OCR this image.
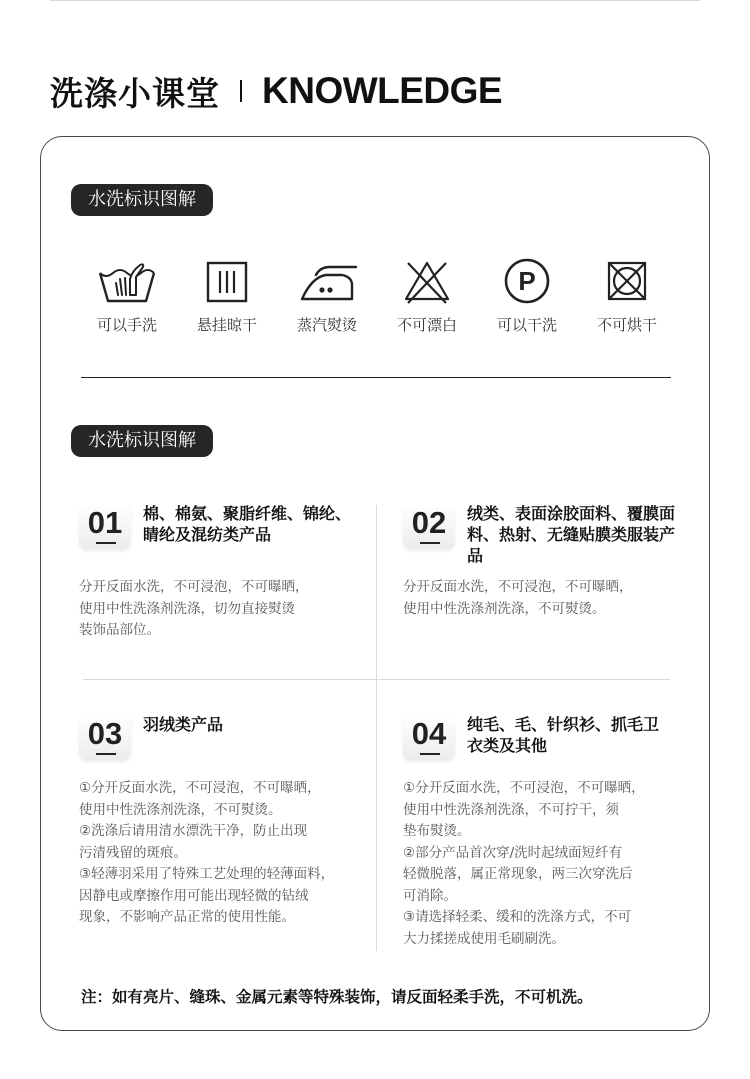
洗涤小课堂 KNOWLEDGE
水洗标识图解
可以手洗	悬挂晾干	蒸汽熨烫	不可漂白
P
可以干洗	不可烘干
水洗标识图解
01	棉、棉氨、聚脂纤维、锦纶、睛纶及混纺类产品
分开反面水洗，不可浸泡，不可曝晒，
使用中性洗涤剂洗涤，切勿直接熨烫
装饰品部位。
02	绒类、表面涂胶面料、覆膜面料、热射、无缝贴膜类服装产品
分开反面水洗，不可浸泡，不可曝晒，
使用中性洗涤剂洗涤，不可熨烫。
03	羽绒类产品
①分开反面水洗，不可浸泡，不可曝晒，
使用中性洗涤剂洗涤，不可熨烫。
②洗涤后请用清水漂洗干净，防止出现
污清残留的斑痕。
③轻薄羽采用了特殊工艺处理的轻薄面料，
因静电或摩擦作用可能出现轻微的钻绒
现象，不影响产品正常的使用性能。
04	纯毛、毛、针织衫、抓毛卫衣类及其他
①分开反面水洗，不可浸泡，不可曝晒，
使用中性洗涤剂洗涤，不可拧干，须
垫布熨烫。
②部分产品首次穿/洗时起绒面短纤有
轻微脱落，属正常现象，两三次穿洗后
可消除。
③请选择轻柔、缓和的洗涤方式，不可
大力揉搓成使用毛刷刷洗。
注：如有亮片、缝珠、金属元素等特殊装饰，请反面轻柔手洗，不可机洗。
